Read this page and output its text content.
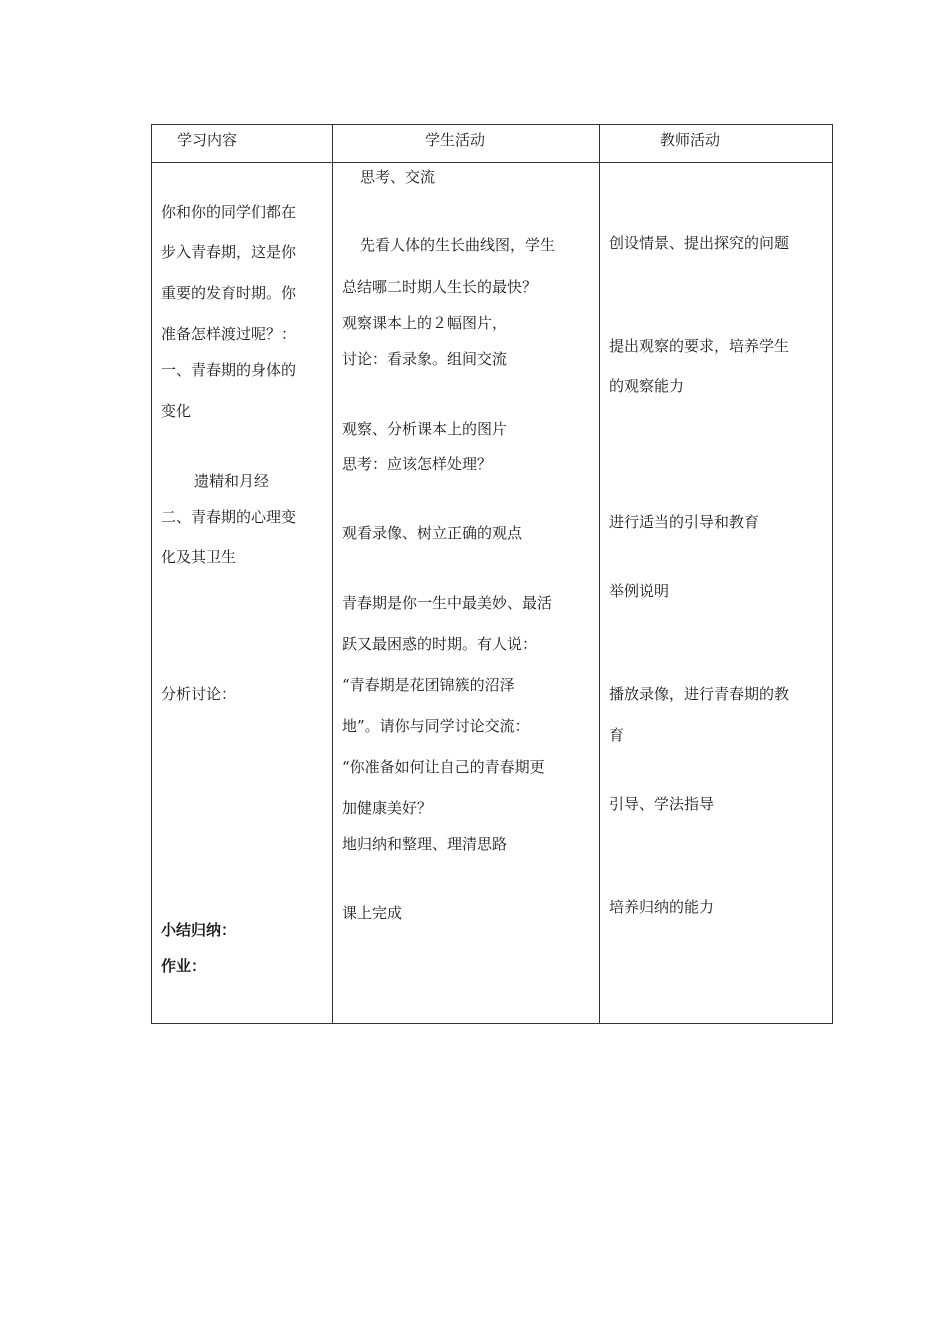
学习内容	学生活动	教师活动
你和你的同学们都在
步入青春期，这是你
重要的发育时期。你
准备怎样渡过呢？：
一、青春期的身体的
变化
遗精和月经
二、青春期的心理变
化及其卫生
分析讨论：
小结归纳：
作业：
思考、交流
先看人体的生长曲线图，学生
总结哪二时期人生长的最快？
观察课本上的２幅图片，
讨论：看录象。组间交流
观察、分析课本上的图片
思考：应该怎样处理？
观看录像、树立正确的观点
青春期是你一生中最美妙、最活
跃又最困惑的时期。有人说：
“青春期是花团锦簇的沼泽
地”。请你与同学讨论交流：
“你准备如何让自己的青春期更
加健康美好？
地归纳和整理、理清思路
课上完成
创设情景、提出探究的问题
提出观察的要求，培养学生
的观察能力
进行适当的引导和教育
举例说明
播放录像，进行青春期的教
育
引导、学法指导
培养归纳的能力
